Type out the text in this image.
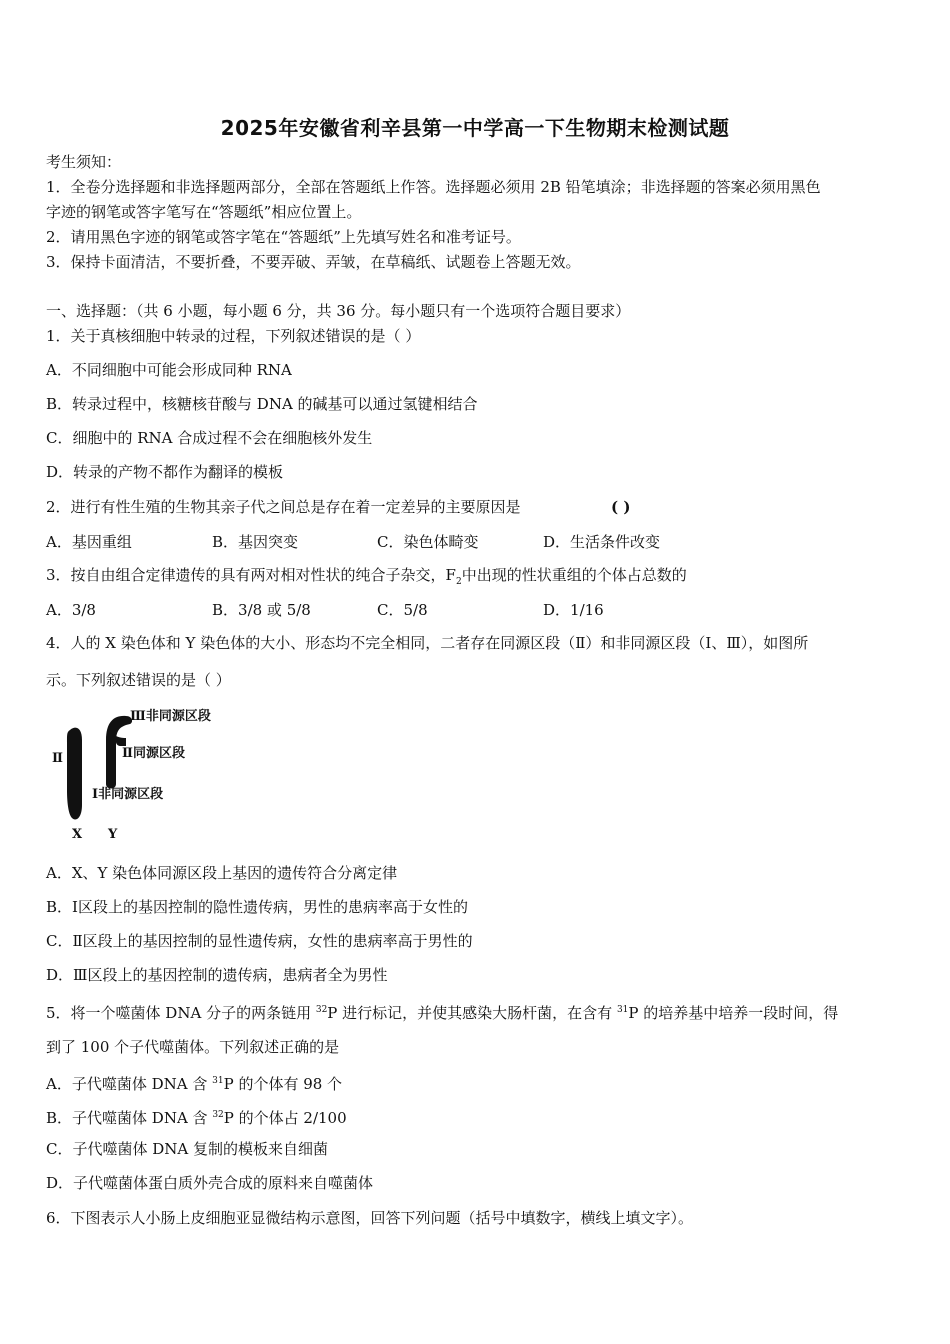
2025年安徽省利辛县第一中学高一下生物期末检测试题
考生须知：
1．全卷分选择题和非选择题两部分，全部在答题纸上作答。选择题必须用 2B 铅笔填涂；非选择题的答案必须用黑色
字迹的钢笔或答字笔写在“答题纸”相应位置上。
2．请用黑色字迹的钢笔或答字笔在“答题纸”上先填写姓名和准考证号。
3．保持卡面清洁，不要折叠，不要弄破、弄皱，在草稿纸、试题卷上答题无效。
一、选择题：（共 6 小题，每小题 6 分，共 36 分。每小题只有一个选项符合题目要求）
1．关于真核细胞中转录的过程，下列叙述错误的是（ ）
A．不同细胞中可能会形成同种 RNA
B．转录过程中，核糖核苷酸与 DNA 的碱基可以通过氢键相结合
C．细胞中的 RNA 合成过程不会在细胞核外发生
D．转录的产物不都作为翻译的模板
2．进行有性生殖的生物其亲子代之间总是存在着一定差异的主要原因是	( )
A．基因重组	B．基因突变	C．染色体畸变	D．生活条件改变
3．按自由组合定律遗传的具有两对相对性状的纯合子杂交，$F_2$中出现的性状重组的个体占总数的
A．3/8	B．3/8 或 5/8	C．5/8	D．1/16
4．人的 X 染色体和 Y 染色体的大小、形态均不完全相同，二者存在同源区段（Ⅱ）和非同源区段（Ⅰ、Ⅲ），如图所
示。下列叙述错误的是（ ）
Ⅲ非同源区段
Ⅱ同源区段
Ⅰ非同源区段
Ⅱ
X Y
A．X、Y 染色体同源区段上基因的遗传符合分离定律
B．Ⅰ区段上的基因控制的隐性遗传病，男性的患病率高于女性的
C．Ⅱ区段上的基因控制的显性遗传病，女性的患病率高于男性的
D．Ⅲ区段上的基因控制的遗传病，患病者全为男性
5．将一个噬菌体 DNA 分子的两条链用 $^{32}$P 进行标记，并使其感染大肠杆菌，在含有 $^{31}$P 的培养基中培养一段时间，得
到了 100 个子代噬菌体。下列叙述正确的是
A．子代噬菌体 DNA 含 $^{31}$P 的个体有 98 个
B．子代噬菌体 DNA 含 $^{32}$P 的个体占 2/100
C．子代噬菌体 DNA 复制的模板来自细菌
D．子代噬菌体蛋白质外壳合成的原料来自噬菌体
6．下图表示人小肠上皮细胞亚显微结构示意图，回答下列问题（括号中填数字，横线上填文字）。
